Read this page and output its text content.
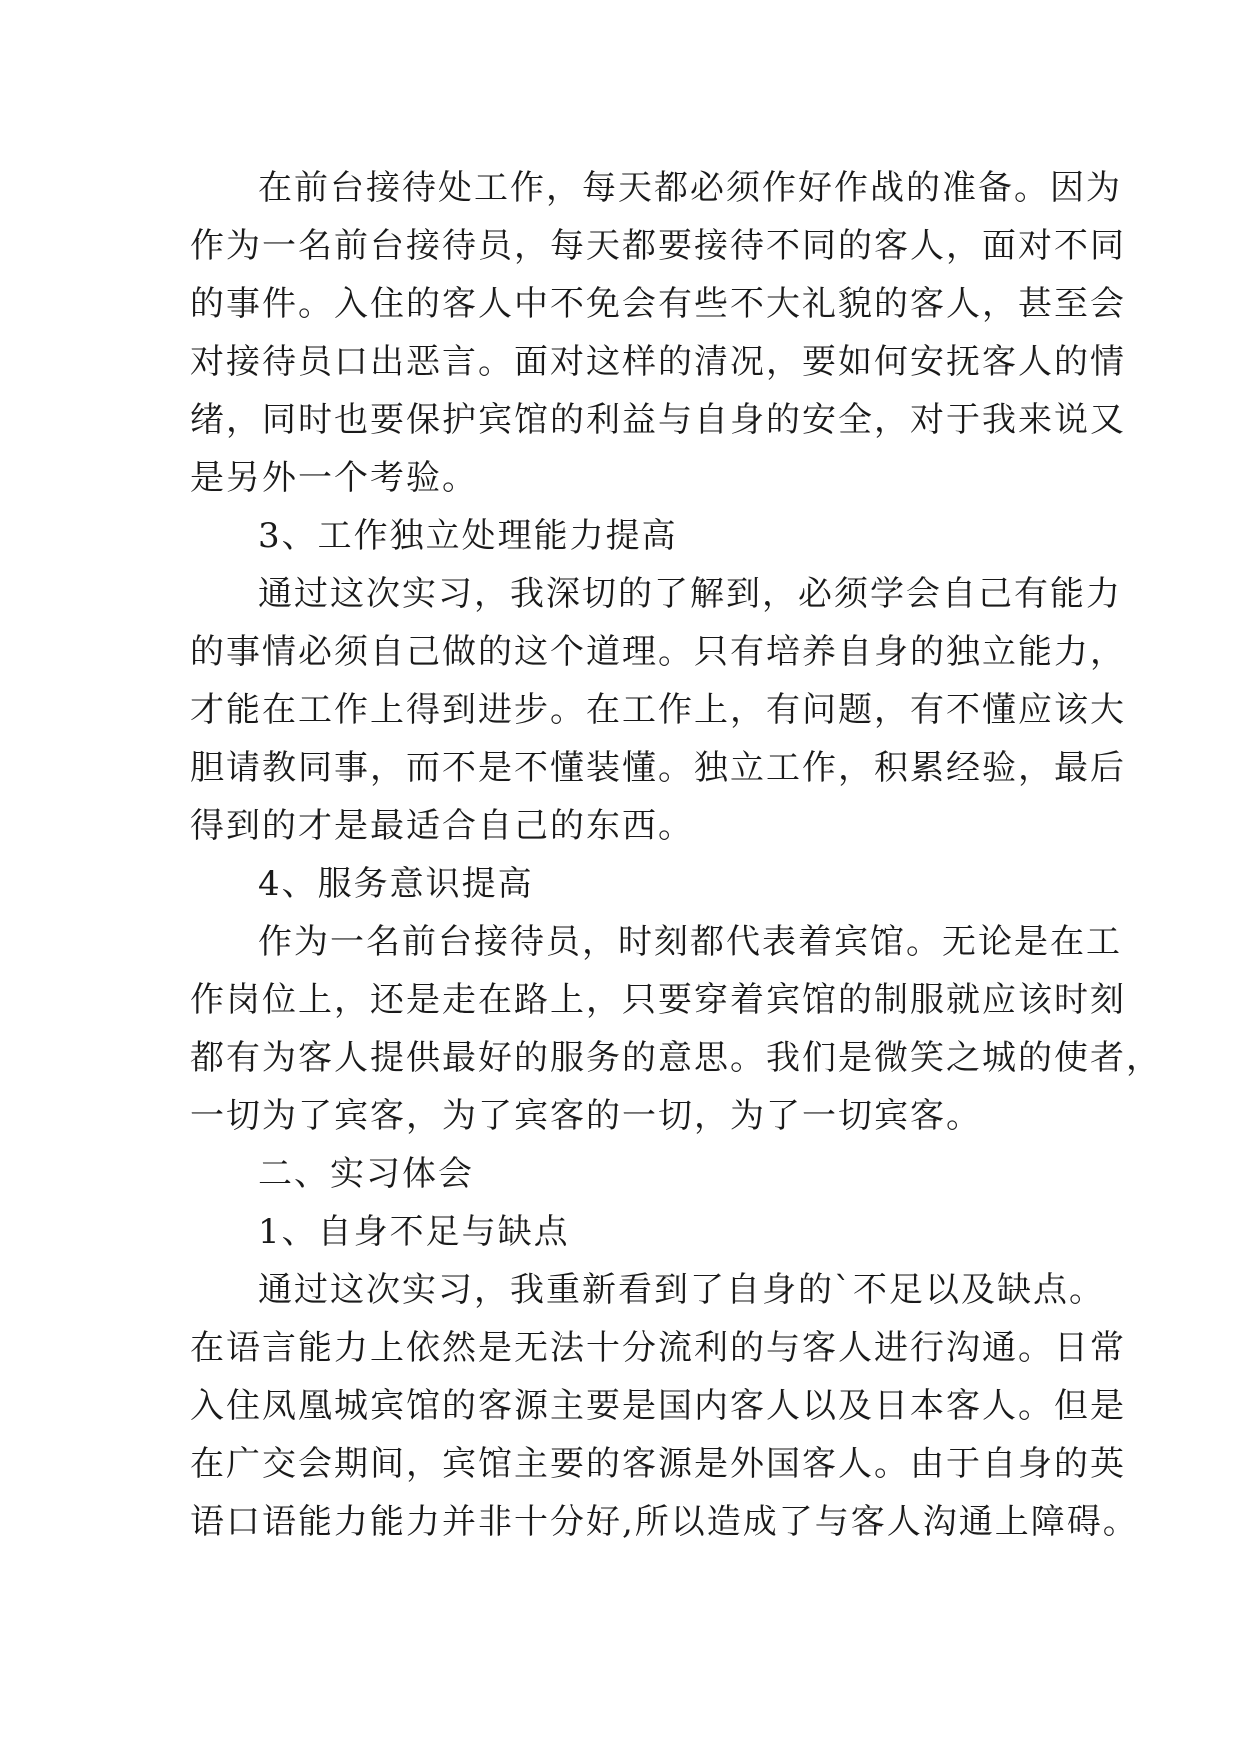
在前台接待处工作，每天都必须作好作战的准备。因为
作为一名前台接待员，每天都要接待不同的客人，面对不同
的事件。入住的客人中不免会有些不大礼貌的客人，甚至会
对接待员口出恶言。面对这样的清况，要如何安抚客人的情
绪，同时也要保护宾馆的利益与自身的安全，对于我来说又
是另外一个考验。
3、工作独立处理能力提高
通过这次实习，我深切的了解到，必须学会自己有能力
的事情必须自己做的这个道理。只有培养自身的独立能力，
才能在工作上得到进步。在工作上，有问题，有不懂应该大
胆请教同事，而不是不懂装懂。独立工作，积累经验，最后
得到的才是最适合自己的东西。
4、服务意识提高
作为一名前台接待员，时刻都代表着宾馆。无论是在工
作岗位上，还是走在路上，只要穿着宾馆的制服就应该时刻
都有为客人提供最好的服务的意思。我们是微笑之城的使者，
一切为了宾客，为了宾客的一切，为了一切宾客。
二、实习体会
1、自身不足与缺点
通过这次实习，我重新看到了自身的`不足以及缺点。
在语言能力上依然是无法十分流利的与客人进行沟通。日常
入住凤凰城宾馆的客源主要是国内客人以及日本客人。但是
在广交会期间，宾馆主要的客源是外国客人。由于自身的英
语口语能力能力并非十分好,所以造成了与客人沟通上障碍。
